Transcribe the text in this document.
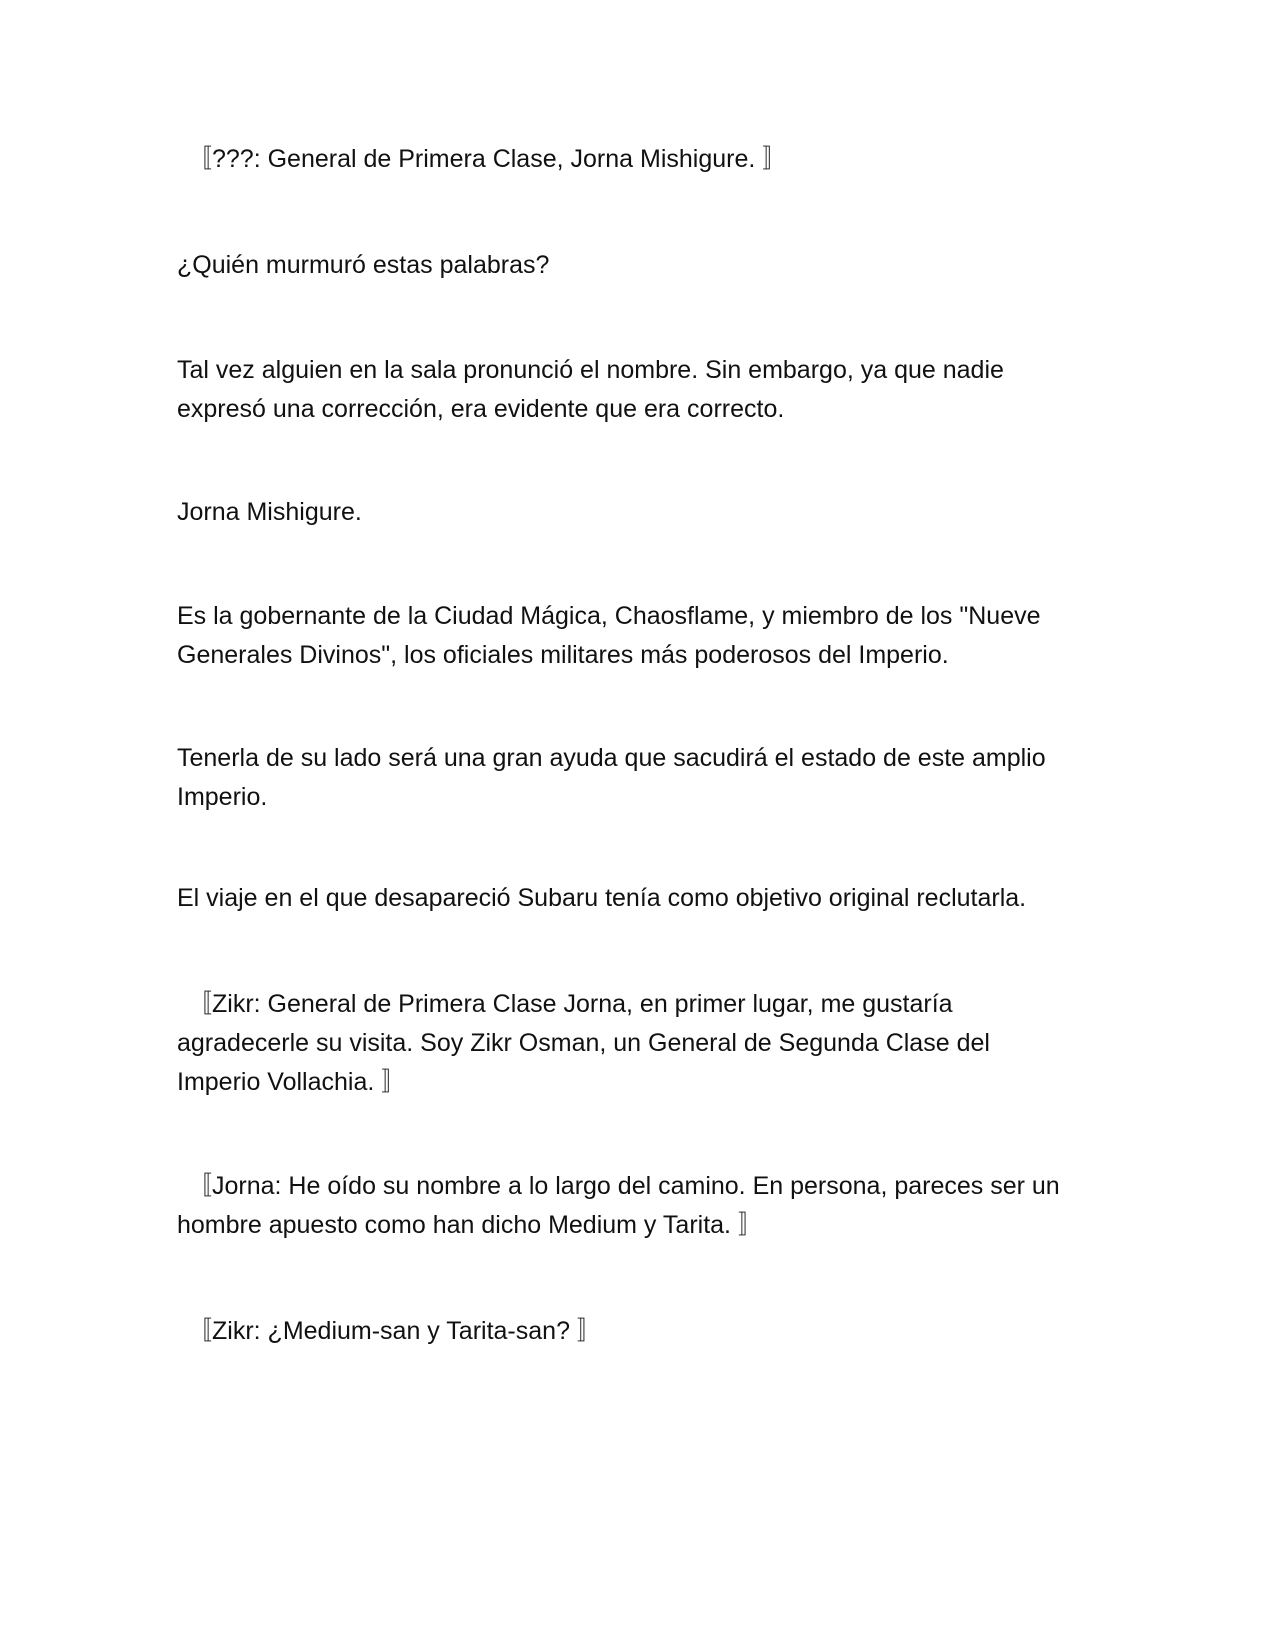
〚???: General de Primera Clase, Jorna Mishigure. 〛

¿Quién murmuró estas palabras?

Tal vez alguien en la sala pronunció el nombre. Sin embargo, ya que nadie
expresó una corrección, era evidente que era correcto.

Jorna Mishigure.

Es la gobernante de la Ciudad Mágica, Chaosflame, y miembro de los "Nueve
Generales Divinos", los oficiales militares más poderosos del Imperio.

Tenerla de su lado será una gran ayuda que sacudirá el estado de este amplio
Imperio.

El viaje en el que desapareció Subaru tenía como objetivo original reclutarla.

〚Zikr: General de Primera Clase Jorna, en primer lugar, me gustaría
agradecerle su visita. Soy Zikr Osman, un General de Segunda Clase del
Imperio Vollachia. 〛

〚Jorna: He oído su nombre a lo largo del camino. En persona, pareces ser un
hombre apuesto como han dicho Medium y Tarita. 〛

〚Zikr: ¿Medium-san y Tarita-san? 〛
